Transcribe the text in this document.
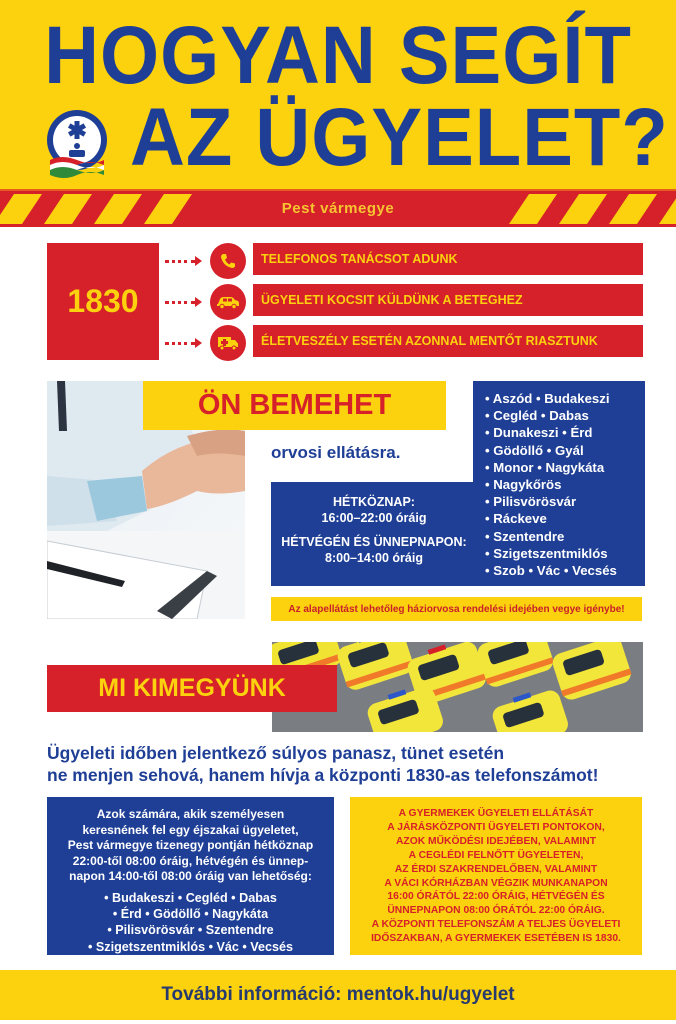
HOGYAN SEGÍT
AZ ÜGYELET?
Pest vármegye
1830
TELEFONOS TANÁCSOT ADUNK
ÜGYELETI KOCSIT KÜLDÜNK A BETEGHEZ
ÉLETVESZÉLY ESETÉN AZONNAL MENTŐT RIASZTUNK
ÖN BEMEHET
orvosi ellátásra.
HÉTKÖZNAP:
16:00–22:00 óráig
HÉTVÉGÉN ÉS ÜNNEPNAPON:
8:00–14:00 óráig
• Aszód • Budakeszi
• Cegléd • Dabas
• Dunakeszi • Érd
• Gödöllő • Gyál
• Monor • Nagykáta
• Nagykőrös
• Pilisvörösvár
• Ráckeve
• Szentendre
• Szigetszentmiklós
• Szob • Vác • Vecsés
Az alapellátást lehetőleg háziorvosa rendelési idejében vegye igénybe!
MI KIMEGYÜNK
Ügyeleti időben jelentkező súlyos panasz, tünet esetén
ne menjen sehová, hanem hívja a központi 1830-as telefonszámot!
Azok számára, akik személyesen
keresnének fel egy éjszakai ügyeletet,
Pest vármegye tizenegy pontján hétköznap
22:00-től 08:00 óráig, hétvégén és ünnep-
napon 14:00-től 08:00 óráig van lehetőség:
• Budakeszi • Cegléd • Dabas
• Érd • Gödöllő • Nagykáta
• Pilisvörösvár • Szentendre
• Szigetszentmiklós • Vác • Vecsés
A GYERMEKEK ÜGYELETI ELLÁTÁSÁT
A JÁRÁSKÖZPONTI ÜGYELETI PONTOKON,
AZOK MŰKÖDÉSI IDEJÉBEN, VALAMINT
A CEGLÉDI FELNŐTT ÜGYELETEN,
AZ ÉRDI SZAKRENDELŐBEN, VALAMINT
A VÁCI KÓRHÁZBAN VÉGZIK MUNKANAPON
16:00 ÓRÁTÓL 22:00 ÓRÁIG, HÉTVÉGÉN ÉS
ÜNNEPNAPON 08:00 ÓRÁTÓL 22:00 ÓRÁIG.
A KÖZPONTI TELEFONSZÁM A TELJES ÜGYELETI
IDŐSZAKBAN, A GYERMEKEK ESETÉBEN IS 1830.
További információ: mentok.hu/ugyelet
